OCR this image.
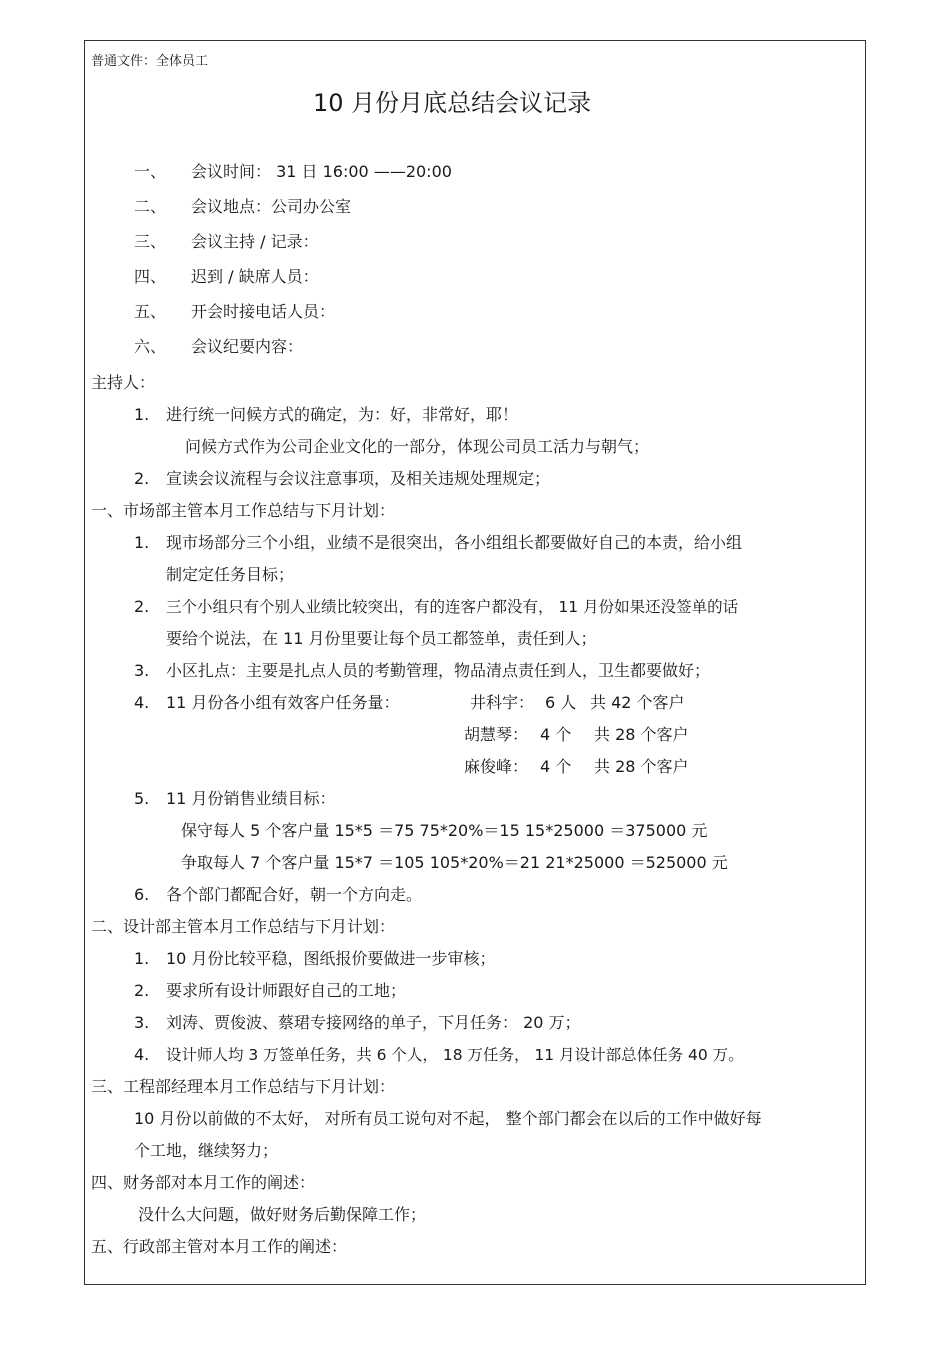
普通文件：全体员工
10 月份月底总结会议记录
一、 会议时间： 31 日 16:00 ——20:00
二、 会议地点：公司办公室
三、 会议主持 / 记录：
四、 迟到 / 缺席人员：
五、 开会时接电话人员：
六、 会议纪要内容：
主持人：
1. 进行统一问候方式的确定，为：好，非常好，耶！
问候方式作为公司企业文化的一部分，体现公司员工活力与朝气；
2. 宣读会议流程与会议注意事项，及相关违规处理规定；
一、市场部主管本月工作总结与下月计划：
1. 现市场部分三个小组，业绩不是很突出，各小组组长都要做好自己的本责，给小组
制定定任务目标；
2. 三个小组只有个别人业绩比较突出，有的连客户都没有， 11 月份如果还没签单的话
要给个说法，在 11 月份里要让每个员工都签单，责任到人；
3. 小区扎点：主要是扎点人员的考勤管理，物品清点责任到人，卫生都要做好；
4. 11 月份各小组有效客户任务量：	井科宇： 6 人 共 42 个客户
胡慧琴： 4 个 共 28 个客户
麻俊峰： 4 个 共 28 个客户
5. 11 月份销售业绩目标：
保守每人 5 个客户量 15*5 ＝75 75*20%＝15 15*25000 ＝375000 元
争取每人 7 个客户量 15*7 ＝105 105*20%＝21 21*25000 ＝525000 元
6. 各个部门都配合好，朝一个方向走。
二、设计部主管本月工作总结与下月计划：
1. 10 月份比较平稳，图纸报价要做进一步审核；
2. 要求所有设计师跟好自己的工地；
3. 刘涛、贾俊波、蔡珺专接网络的单子，下月任务： 20 万；
4. 设计师人均 3 万签单任务，共 6 个人， 18 万任务， 11 月设计部总体任务 40 万。
三、工程部经理本月工作总结与下月计划：
10 月份以前做的不太好， 对所有员工说句对不起， 整个部门都会在以后的工作中做好每
个工地，继续努力；
四、财务部对本月工作的阐述：
没什么大问题，做好财务后勤保障工作；
五、行政部主管对本月工作的阐述：
